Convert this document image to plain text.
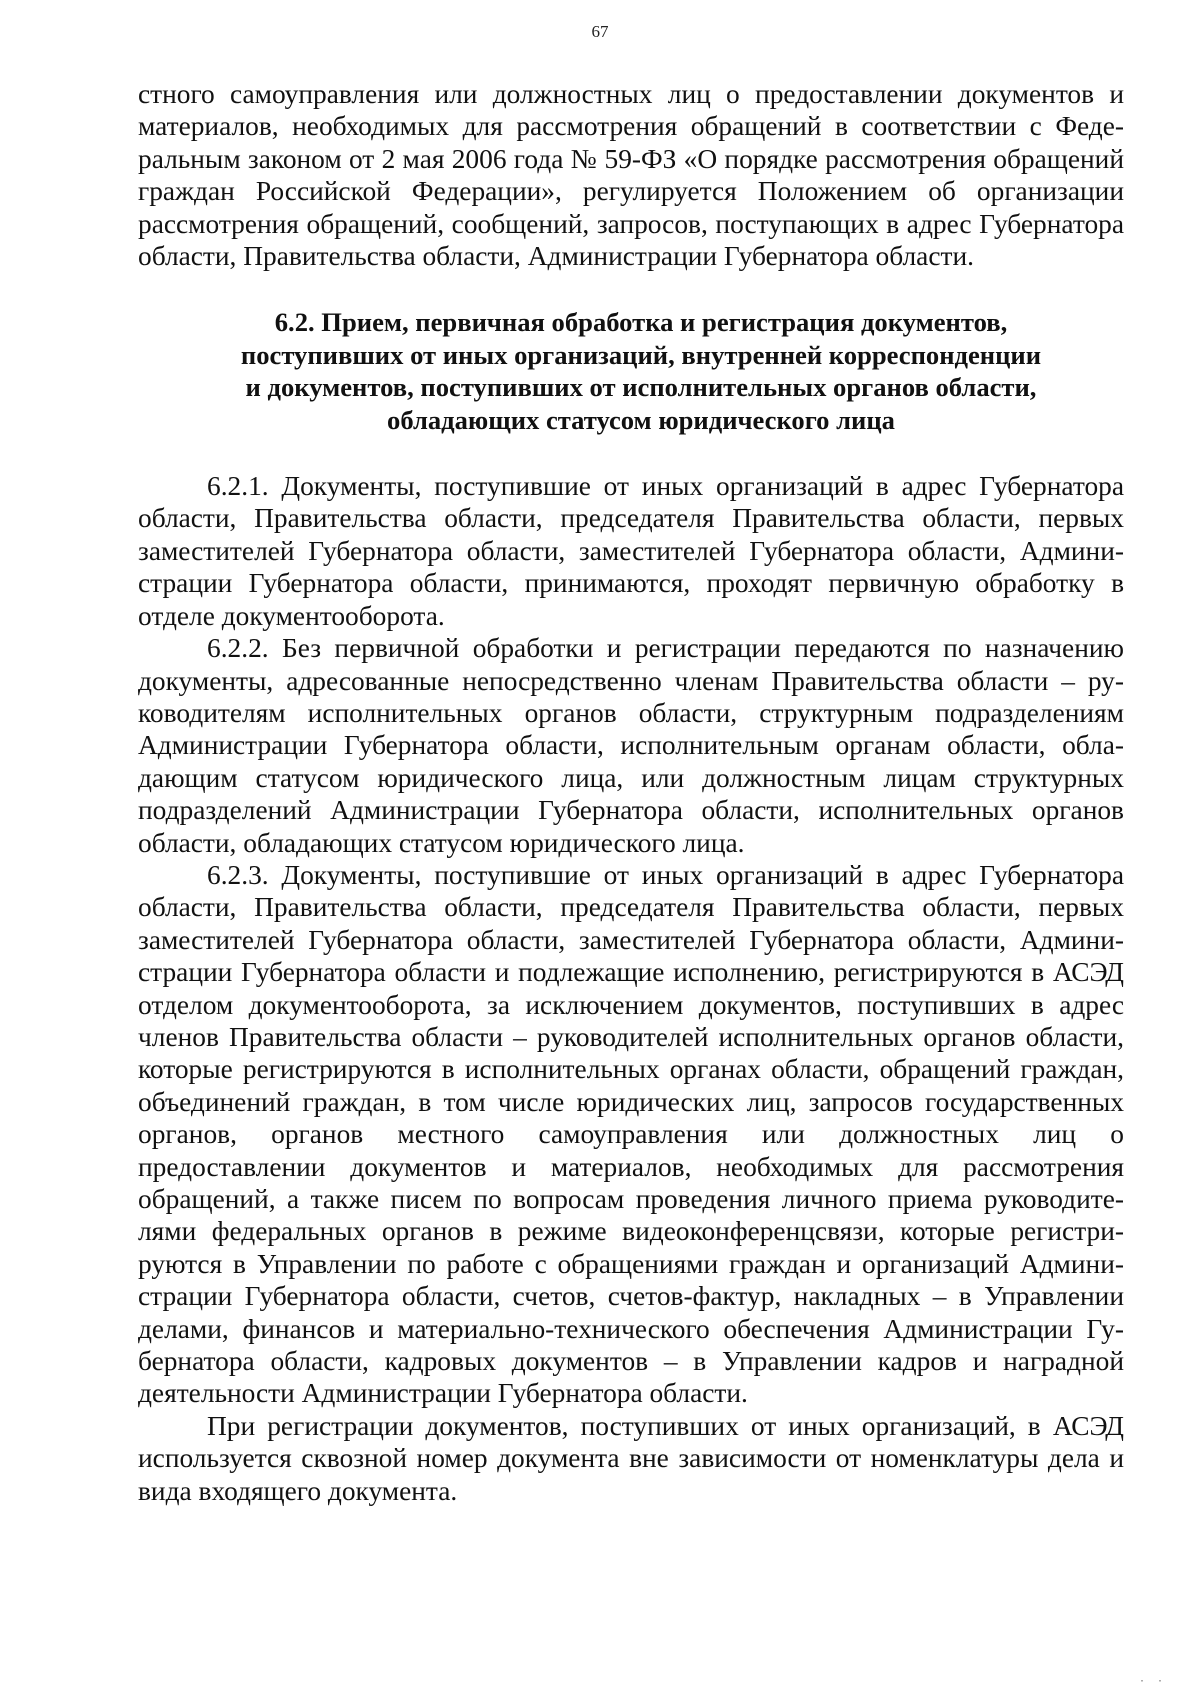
67

стного самоуправления или должностных лиц о предоставлении документов и материалов, необходимых для рассмотрения обращений в соответствии с Федеральным законом от 2 мая 2006 года № 59-ФЗ «О порядке рассмотрения обращений граждан Российской Федерации», регулируется Положением об организации рассмотрения обращений, сообщений, запросов, поступающих в адрес Губернатора области, Правительства области, Администрации Губернатора области.

6.2. Прием, первичная обработка и регистрация документов,
поступивших от иных организаций, внутренней корреспонденции
и документов, поступивших от исполнительных органов области,
обладающих статусом юридического лица

6.2.1. Документы, поступившие от иных организаций в адрес Губернатора области, Правительства области, председателя Правительства области, первых заместителей Губернатора области, заместителей Губернатора области, Администрации Губернатора области, принимаются, проходят первичную обработку в отделе документооборота.

6.2.2. Без первичной обработки и регистрации передаются по назначению документы, адресованные непосредственно членам Правительства области – руководителям исполнительных органов области, структурным подразделениям Администрации Губернатора области, исполнительным органам области, обладающим статусом юридического лица, или должностным лицам структурных подразделений Администрации Губернатора области, исполнительных органов области, обладающих статусом юридического лица.

6.2.3. Документы, поступившие от иных организаций в адрес Губернатора области, Правительства области, председателя Правительства области, первых заместителей Губернатора области, заместителей Губернатора области, Администрации Губернатора области и подлежащие исполнению, регистрируются в АСЭД отделом документооборота, за исключением документов, поступивших в адрес членов Правительства области – руководителей исполнительных органов области, которые регистрируются в исполнительных органах области, обращений граждан, объединений граждан, в том числе юридических лиц, запросов государственных органов, органов местного самоуправления или должностных лиц о предоставлении документов и материалов, необходимых для рассмотрения обращений, а также писем по вопросам проведения личного приема руководителями федеральных органов в режиме видеоконференцсвязи, которые регистрируются в Управлении по работе с обращениями граждан и организаций Администрации Губернатора области, счетов, счетов-фактур, накладных – в Управлении делами, финансов и материально-технического обеспечения Администрации Губернатора области, кадровых документов – в Управлении кадров и наградной деятельности Администрации Губернатора области.

При регистрации документов, поступивших от иных организаций, в АСЭД используется сквозной номер документа вне зависимости от номенклатуры дела и вида входящего документа.

· ·
